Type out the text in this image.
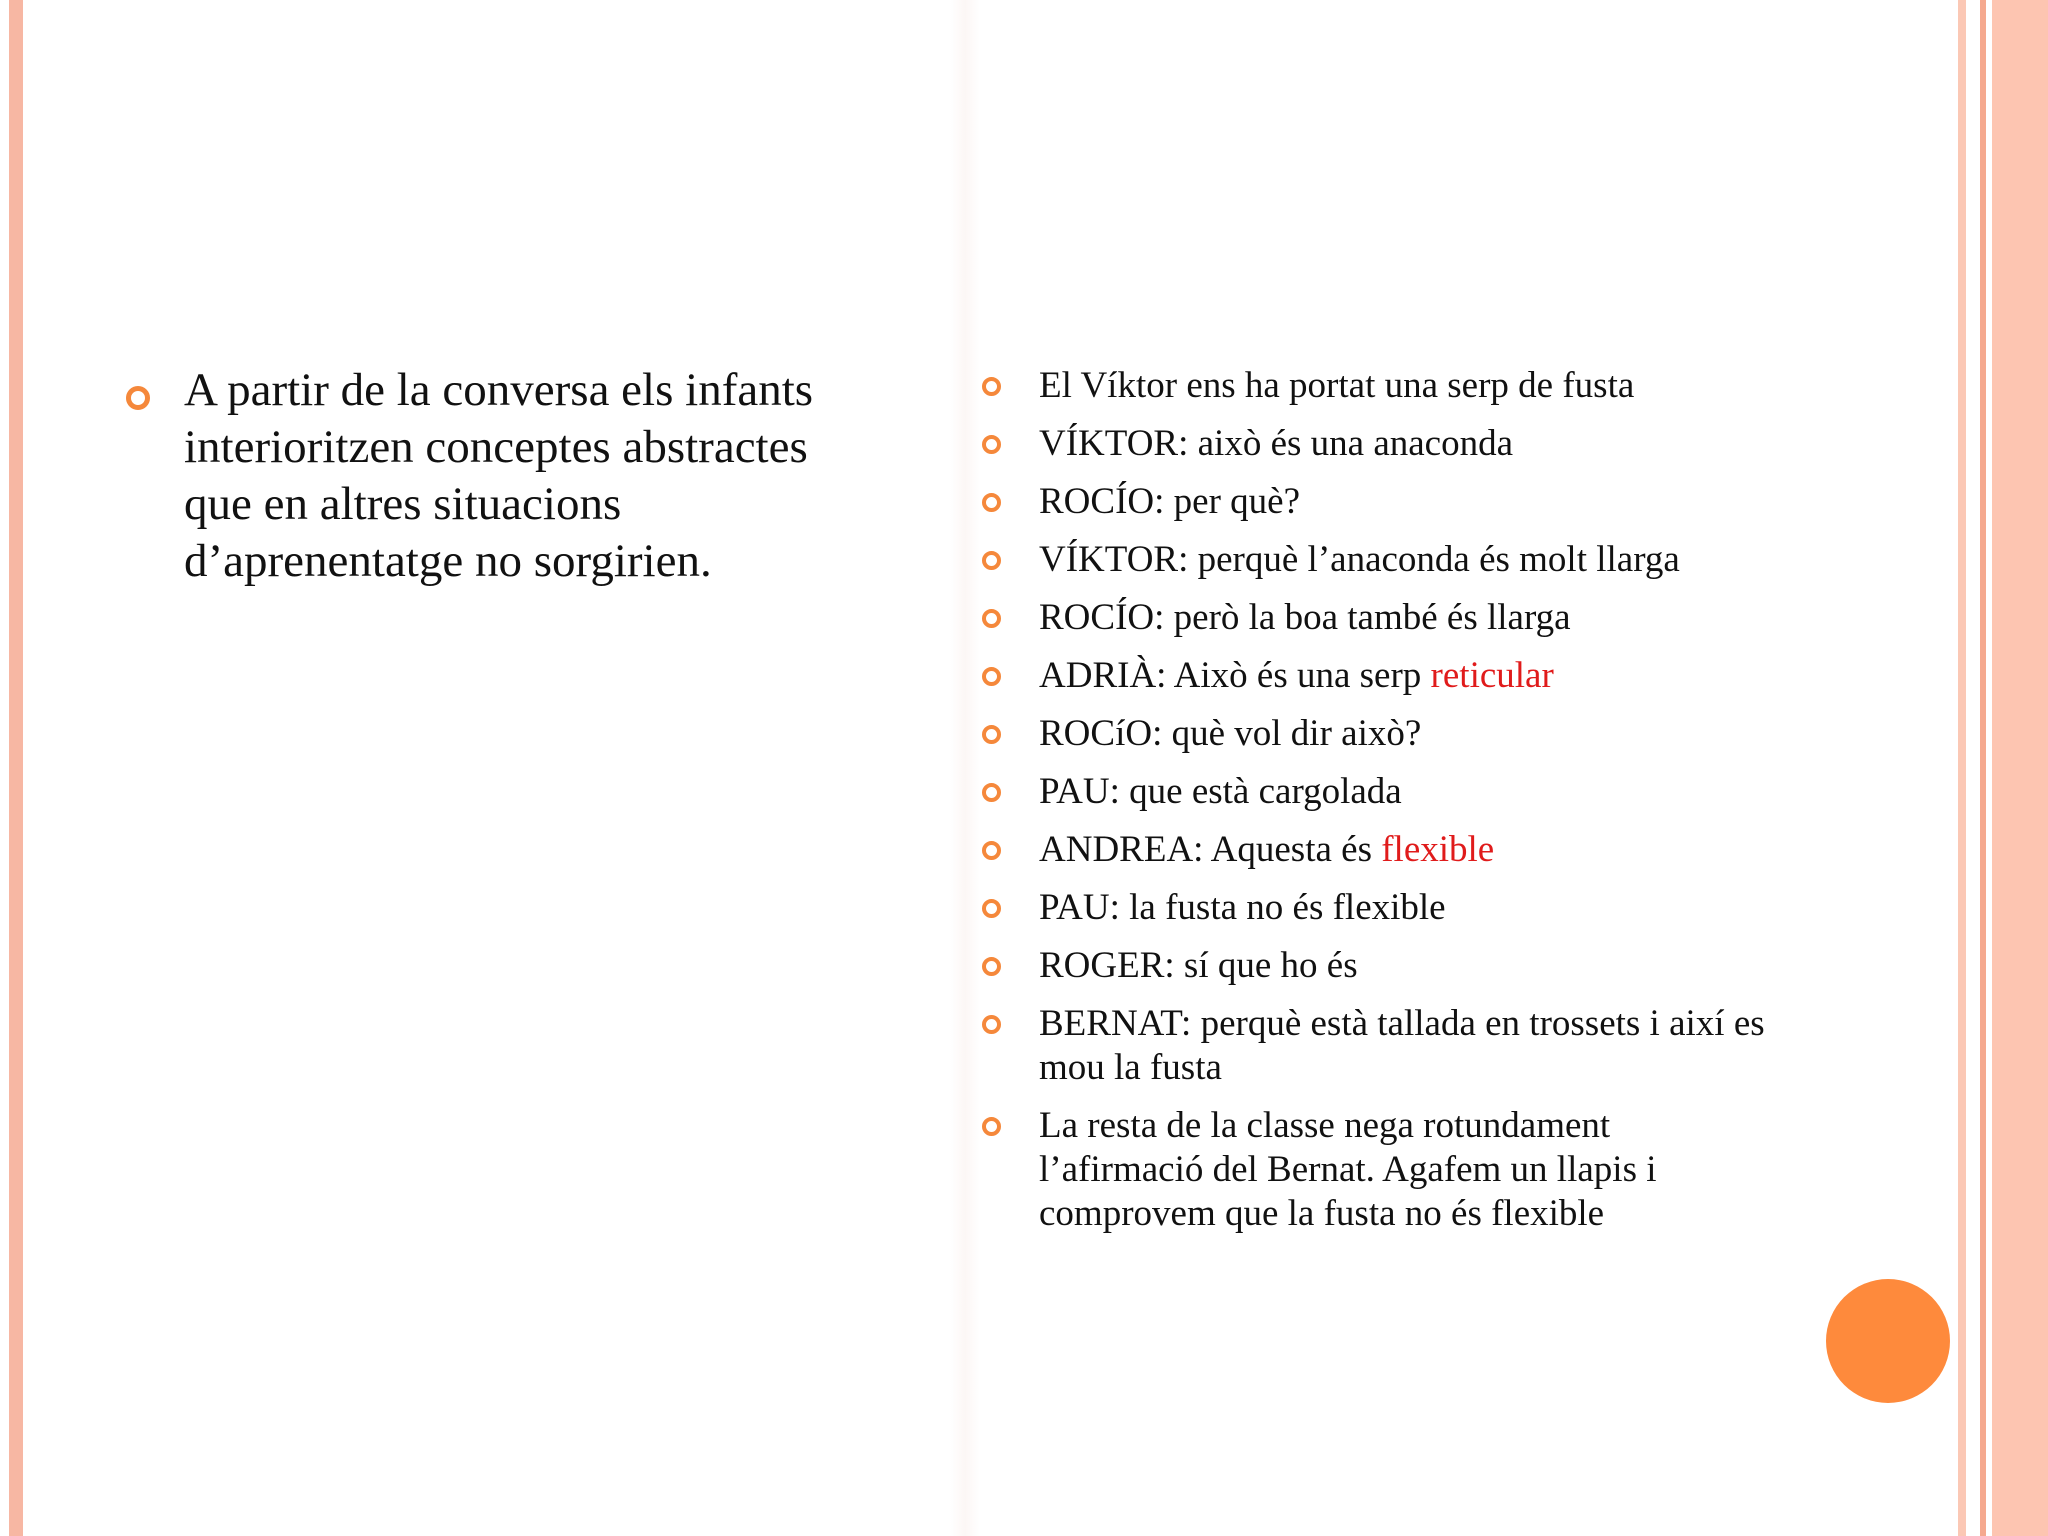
A partir de la conversa els infants interioritzen conceptes abstractes que en altres situacions d’aprenentatge no sorgirien.

El Víktor ens ha portat una serp de fusta
VÍKTOR: això és una anaconda
ROCÍO: per què?
VÍKTOR: perquè l’anaconda és molt llarga
ROCÍO: però la boa també és llarga
ADRIÀ: Això és una serp reticular
ROCíO: què vol dir això?
PAU: que està cargolada
ANDREA: Aquesta és flexible
PAU: la fusta no és flexible
ROGER: sí que ho és
BERNAT: perquè està tallada en trossets i així es mou la fusta
La resta de la classe nega rotundament l’afirmació del Bernat. Agafem un llapis i comprovem que la fusta no és flexible
